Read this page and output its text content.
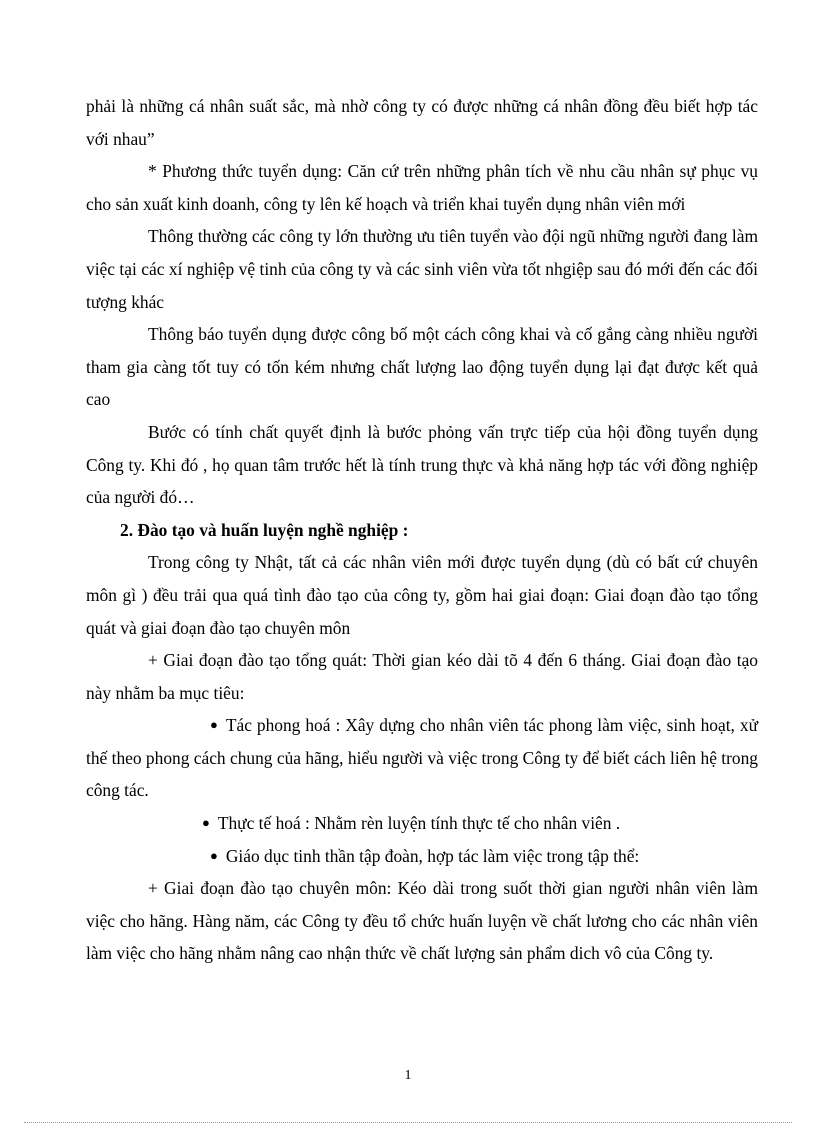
phải là những cá nhân suất sắc, mà nhờ công ty có được những cá nhân đồng đều biết hợp tác với nhau”

* Phương thức tuyển dụng: Căn cứ trên những phân tích về nhu cầu nhân sự phục vụ cho sản xuất kinh doanh, công ty lên kế hoạch và triển khai tuyển dụng nhân viên mới

Thông thường các công ty lớn thường ưu tiên tuyển vào đội ngũ những người đang làm việc tại các xí nghiệp vệ tinh của công ty và các sinh viên vừa tốt nhgiệp sau đó mới đến các đối tượng khác

Thông báo tuyển dụng được công bố một cách công khai và cố gắng càng nhiều người tham gia càng tốt tuy có tốn kém nhưng chất lượng lao động tuyển dụng lại đạt được kết quả cao

Bước có tính chất quyết định là bước phỏng vấn trực tiếp của hội đồng tuyển dụng Công ty. Khi đó , họ quan tâm trước hết là tính trung thực và khả năng hợp tác với đồng nghiệp của người đó…

2. Đào tạo và huấn luyện nghề nghiệp :

Trong công ty Nhật, tất cả các nhân viên mới được tuyển dụng (dù có bất cứ chuyên môn gì ) đều trải qua quá tình đào tạo của công ty, gồm hai giai đoạn: Giai đoạn đào tạo tổng quát và giai đoạn đào tạo chuyên môn

+ Giai đoạn đào tạo tổng quát: Thời gian kéo dài tõ 4 đến 6 tháng. Giai đoạn đào tạo này nhằm ba mục tiêu:

● Tác phong hoá : Xây dựng cho nhân viên tác phong làm việc, sinh hoạt, xử thế theo phong cách chung của hãng, hiểu người và việc trong Công ty để biết cách liên hệ trong công tác.

● Thực tế hoá : Nhằm rèn luyện tính thực tế cho nhân viên .

● Giáo dục tinh thần tập đoàn, hợp tác làm việc trong tập thể:

+ Giai đoạn đào tạo chuyên môn: Kéo dài trong suốt thời gian người nhân viên làm việc cho hãng. Hàng năm, các Công ty đều tổ chức huấn luyện về chất lương cho các nhân viên làm việc cho hãng nhằm nâng cao nhận thức về chất lượng sản phẩm dich vô của Công ty.

1
